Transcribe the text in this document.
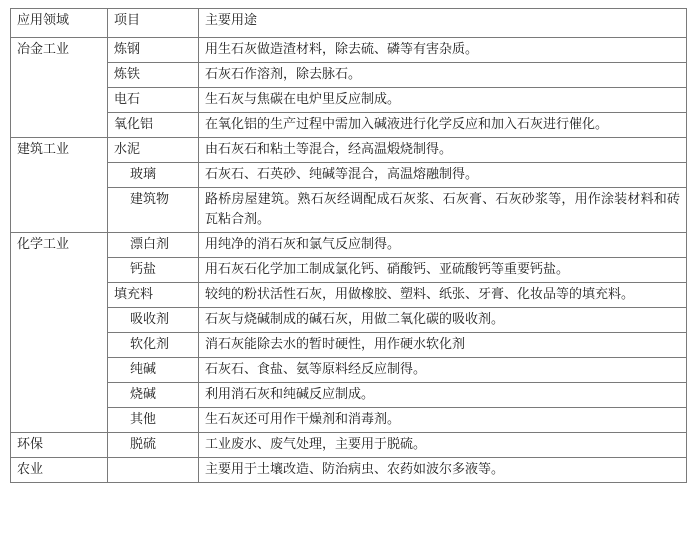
应用领域	项目	主要用途
冶金工业	炼钢	用生石灰做造渣材料，除去硫、磷等有害杂质。
	炼铁	石灰石作溶剂，除去脉石。
	电石	生石灰与焦碳在电炉里反应制成。
	氧化铝	在氧化铝的生产过程中需加入碱液进行化学反应和加入石灰进行催化。
建筑工业	水泥	由石灰石和粘土等混合，经高温煅烧制得。
	玻璃	石灰石、石英砂、纯碱等混合，高温熔融制得。
	建筑物	路桥房屋建筑。熟石灰经调配成石灰浆、石灰膏、石灰砂浆等，用作涂装材料和砖瓦粘合剂。
化学工业	漂白剂	用纯净的消石灰和氯气反应制得。
	钙盐	用石灰石化学加工制成氯化钙、硝酸钙、亚硫酸钙等重要钙盐。
	填充料	较纯的粉状活性石灰，用做橡胶、塑料、纸张、牙膏、化妆品等的填充料。
	吸收剂	石灰与烧碱制成的碱石灰，用做二氧化碳的吸收剂。
	软化剂	消石灰能除去水的暂时硬性，用作硬水软化剂
	纯碱	石灰石、食盐、氨等原料经反应制得。
	烧碱	利用消石灰和纯碱反应制成。
	其他	生石灰还可用作干燥剂和消毒剂。
环保	脱硫	工业废水、废气处理，主要用于脱硫。
农业		主要用于土壤改造、防治病虫、农药如波尔多液等。
